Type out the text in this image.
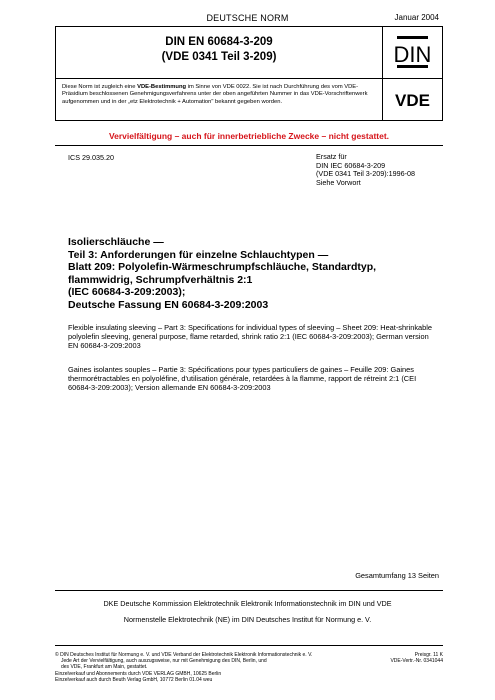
DEUTSCHE NORM	Januar 2004
DIN EN 60684-3-209
(VDE 0341 Teil 3-209)	DIN
Diese Norm ist zugleich eine VDE-Bestimmung im Sinne von VDE 0022. Sie ist nach Durchführung des vom VDE-Präsidium beschlossenen Genehmigungsverfahrens unter der oben angeführten Nummer in das VDE-Vorschriftenwerk aufgenommen und in der „etz Elektrotechnik + Automation" bekannt gegeben worden.	VDE
Vervielfältigung – auch für innerbetriebliche Zwecke – nicht gestattet.
ICS 29.035.20	Ersatz für
DIN IEC 60684-3-209
(VDE 0341 Teil 3-209):1996-08
Siehe Vorwort
Isolierschläuche —
Teil 3: Anforderungen für einzelne Schlauchtypen —
Blatt 209: Polyolefin-Wärmeschrumpfschläuche, Standardtyp,
flammwidrig, Schrumpfverhältnis 2:1
(IEC 60684-3-209:2003);
Deutsche Fassung EN 60684-3-209:2003
Flexible insulating sleeving – Part 3: Specifications for individual types of sleeving – Sheet 209: Heat-shrinkable polyolefin sleeving, general purpose, flame retarded, shrink ratio 2:1 (IEC 60684-3-209:2003); German version EN 60684-3-209:2003
Gaines isolantes souples – Partie 3: Spécifications pour types particuliers de gaines – Feuille 209: Gaines thermorétractables en polyoléfine, d'utilisation générale, retardées à la flamme, rapport de rétreint 2:1 (CEI 60684-3-209:2003); Version allemande EN 60684-3-209:2003
Gesamtumfang 13 Seiten
DKE Deutsche Kommission Elektrotechnik Elektronik Informationstechnik im DIN und VDE
Normenstelle Elektrotechnik (NE) im DIN Deutsches Institut für Normung e. V.
© DIN Deutsches Institut für Normung e. V. und VDE Verband der Elektrotechnik Elektronik Informationstechnik e. V.
Jede Art der Vervielfältigung, auch auszugsweise, nur mit Genehmigung des DIN, Berlin, und
des VDE, Frankfurt am Main, gestattet.
Einzelverkauf und Abonnements durch VDE VERLAG GMBH, 10625 Berlin
Einzelverkauf auch durch Beuth Verlag GmbH, 10772 Berlin 01.04 weu
Preisgr. 11 K
VDE-Vertr.-Nr. 0341044
